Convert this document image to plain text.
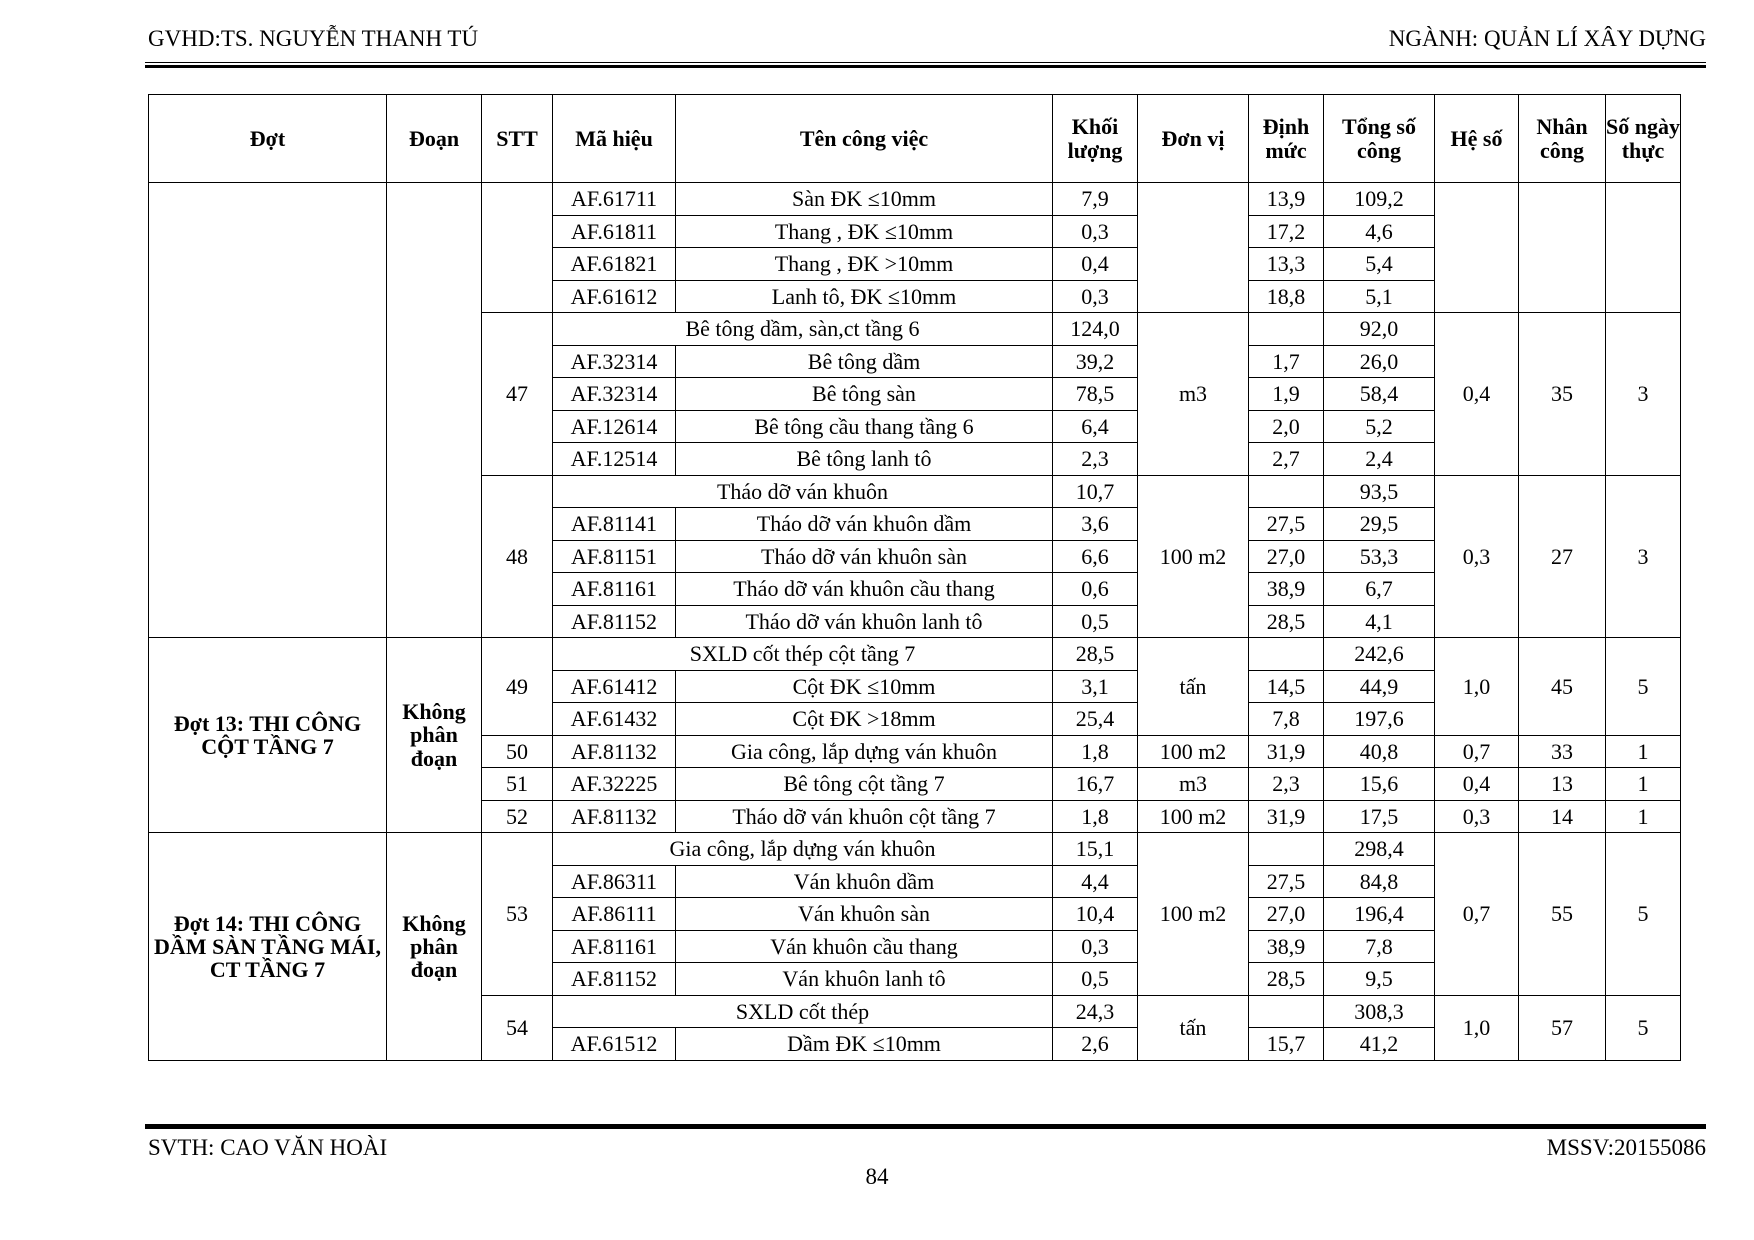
GVHD:TS. NGUYỄN THANH TÚ	NGÀNH: QUẢN LÍ XÂY DỰNG
Đợt	Đoạn	STT	Mã hiệu	Tên công việc	Khối lượng	Đơn vị	Định mức	Tổng số công	Hệ số	Nhân công	Số ngày thực
			AF.61711	Sàn ĐK ≤10mm	7,9		13,9	109,2			
			AF.61811	Thang , ĐK ≤10mm	0,3		17,2	4,6			
			AF.61821	Thang , ĐK >10mm	0,4		13,3	5,4			
			AF.61612	Lanh tô, ĐK ≤10mm	0,3		18,8	5,1			
		47	Bê tông dầm, sàn,ct tầng 6		124,0	m3		92,0	0,4	35	3
			AF.32314	Bê tông dầm	39,2		1,7	26,0			
			AF.32314	Bê tông sàn	78,5		1,9	58,4			
			AF.12614	Bê tông cầu thang tầng 6	6,4		2,0	5,2			
			AF.12514	Bê tông lanh tô	2,3		2,7	2,4			
		48	Tháo dỡ ván khuôn		10,7	100 m2		93,5	0,3	27	3
			AF.81141	Tháo dỡ ván khuôn dầm	3,6		27,5	29,5			
			AF.81151	Tháo dỡ ván khuôn sàn	6,6		27,0	53,3			
			AF.81161	Tháo dỡ ván khuôn cầu thang	0,6		38,9	6,7			
			AF.81152	Tháo dỡ ván khuôn lanh tô	0,5		28,5	4,1			
Đợt 13: THI CÔNG CỘT TẦNG 7	Không phân đoạn	49	SXLD cốt thép cột tầng 7		28,5	tấn		242,6	1,0	45	5
			AF.61412	Cột ĐK ≤10mm	3,1		14,5	44,9			
			AF.61432	Cột ĐK >18mm	25,4		7,8	197,6			
		50	AF.81132	Gia công, lắp dựng ván khuôn	1,8	100 m2	31,9	40,8	0,7	33	1
		51	AF.32225	Bê tông cột tầng 7	16,7	m3	2,3	15,6	0,4	13	1
		52	AF.81132	Tháo dỡ ván khuôn cột tầng 7	1,8	100 m2	31,9	17,5	0,3	14	1
Đợt 14: THI CÔNG DẦM SÀN TẦNG MÁI, CT TẦNG 7	Không phân đoạn	53	Gia công, lắp dựng ván khuôn		15,1	100 m2		298,4	0,7	55	5
			AF.86311	Ván khuôn dầm	4,4		27,5	84,8			
			AF.86111	Ván khuôn sàn	10,4		27,0	196,4			
			AF.81161	Ván khuôn cầu thang	0,3		38,9	7,8			
			AF.81152	Ván khuôn lanh tô	0,5		28,5	9,5			
		54	SXLD cốt thép		24,3	tấn		308,3	1,0	57	5
			AF.61512	Dầm ĐK ≤10mm	2,6		15,7	41,2			
SVTH: CAO VĂN HOÀI	MSSV:20155086
84
